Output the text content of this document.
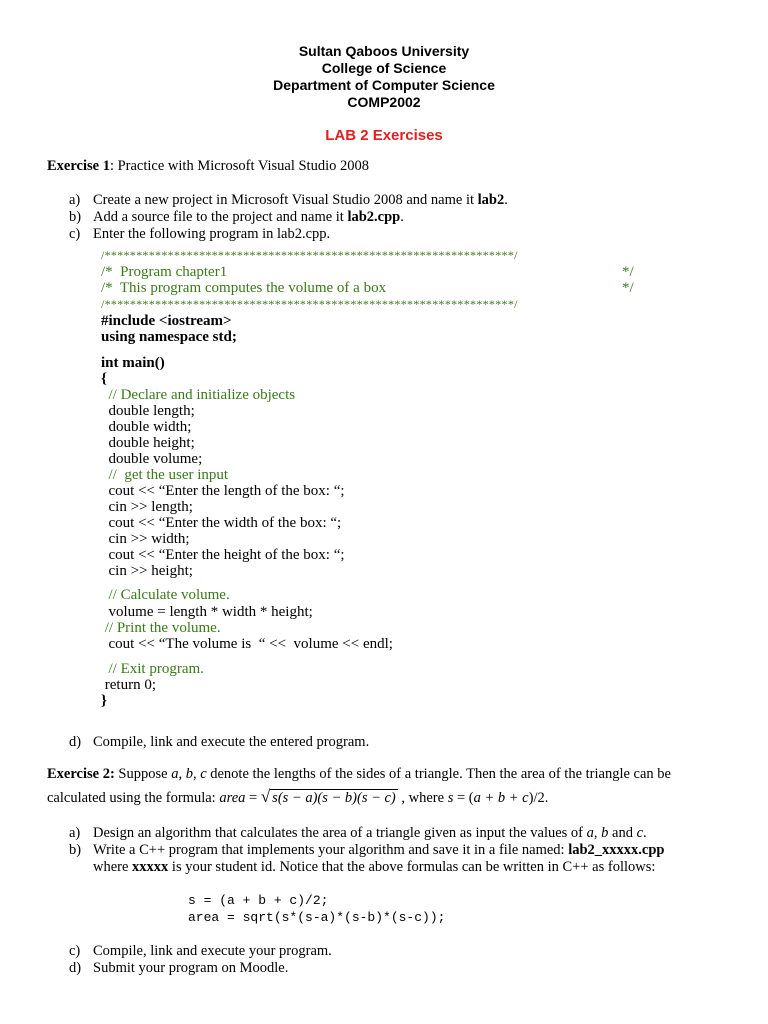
Sultan Qaboos University
College of Science
Department of Computer Science
COMP2002
LAB 2 Exercises
Exercise 1: Practice with Microsoft Visual Studio 2008
a) Create a new project in Microsoft Visual Studio 2008 and name it lab2.
b) Add a source file to the project and name it lab2.cpp.
c) Enter the following program in lab2.cpp.
/*****************************************************************/
/*  Program chapter1	*/
/*  This program computes the volume of a box	*/
/*****************************************************************/
#include <iostream>
using namespace std;
int main()
{
// Declare and initialize objects
double length;
double width;
double height;
double volume;
//  get the user input
cout << “Enter the length of the box: “;
cin >> length;
cout << “Enter the width of the box: “;
cin >> width;
cout << “Enter the height of the box: “;
cin >> height;
// Calculate volume.
volume = length * width * height;
// Print the volume.
cout << “The volume is  “ <<  volume << endl;
// Exit program.
return 0;
}
d) Compile, link and execute the entered program.
Exercise 2: Suppose a, b, c denote the lengths of the sides of a triangle. Then the area of the triangle can be
calculated using the formula: area = √ s(s − a)(s − b)(s − c) , where s = (a + b + c)/2.
a) Design an algorithm that calculates the area of a triangle given as input the values of a, b and c.
b) Write a C++ program that implements your algorithm and save it in a file named: lab2_xxxxx.cpp
where xxxxx is your student id. Notice that the above formulas can be written in C++ as follows:
s = (a + b + c)/2;
area = sqrt(s*(s-a)*(s-b)*(s-c));
c) Compile, link and execute your program.
d) Submit your program on Moodle.
